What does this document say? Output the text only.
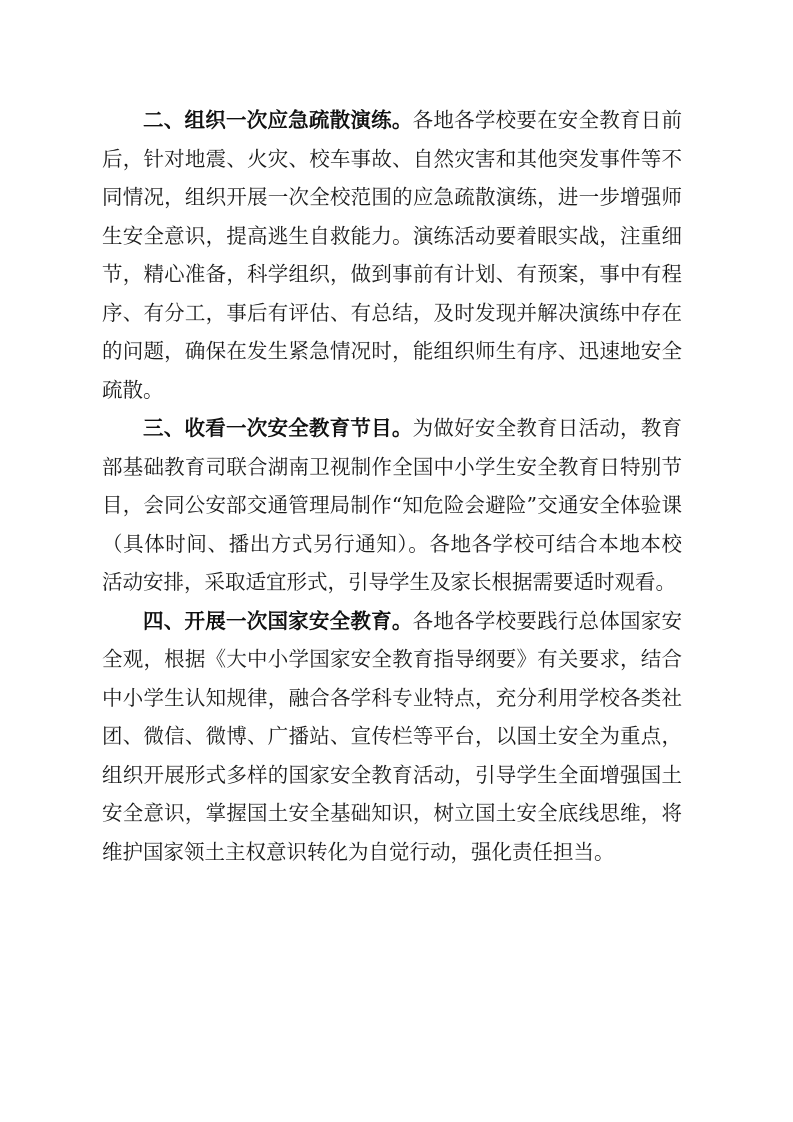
二、组织一次应急疏散演练。各地各学校要在安全教育日前后，针对地震、火灾、校车事故、自然灾害和其他突发事件等不同情况，组织开展一次全校范围的应急疏散演练，进一步增强师生安全意识，提高逃生自救能力。演练活动要着眼实战，注重细节，精心准备，科学组织，做到事前有计划、有预案，事中有程序、有分工，事后有评估、有总结，及时发现并解决演练中存在的问题，确保在发生紧急情况时，能组织师生有序、迅速地安全疏散。

三、收看一次安全教育节目。为做好安全教育日活动，教育部基础教育司联合湖南卫视制作全国中小学生安全教育日特别节目，会同公安部交通管理局制作“知危险会避险”交通安全体验课（具体时间、播出方式另行通知）。各地各学校可结合本地本校活动安排，采取适宜形式，引导学生及家长根据需要适时观看。

四、开展一次国家安全教育。各地各学校要践行总体国家安全观，根据《大中小学国家安全教育指导纲要》有关要求，结合中小学生认知规律，融合各学科专业特点，充分利用学校各类社团、微信、微博、广播站、宣传栏等平台，以国土安全为重点，组织开展形式多样的国家安全教育活动，引导学生全面增强国土安全意识，掌握国土安全基础知识，树立国土安全底线思维，将维护国家领土主权意识转化为自觉行动，强化责任担当。
